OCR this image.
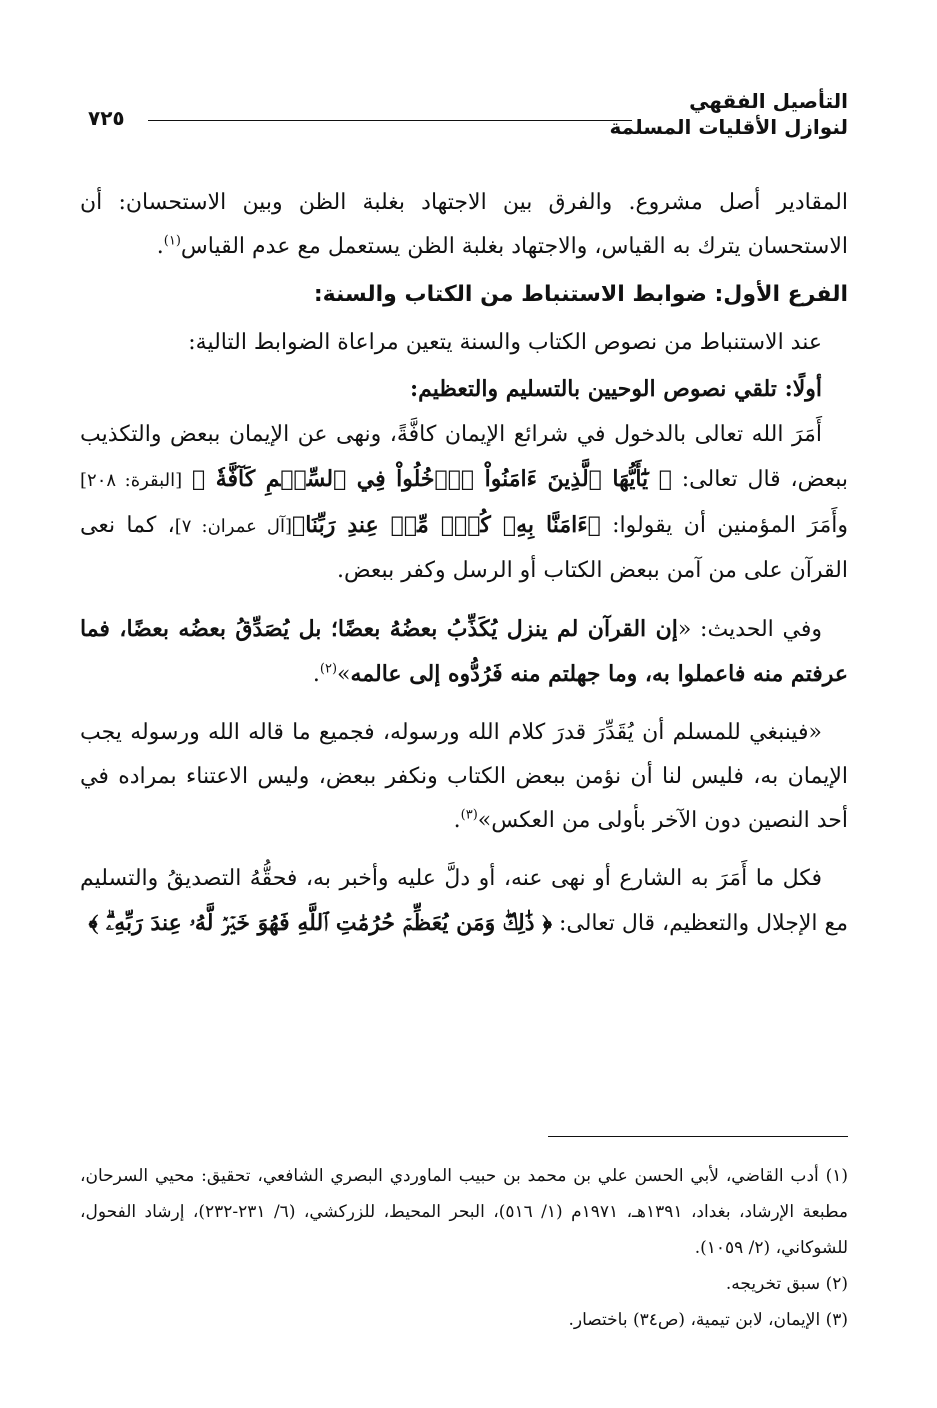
التأصيل الفقهي
لنوازل الأقليات المسلمة
٧٢٥

المقادير أصل مشروع. والفرق بين الاجتهاد بغلبة الظن وبين الاستحسان: أن الاستحسان يترك به القياس، والاجتهاد بغلبة الظن يستعمل مع عدم القياس$^{(١)}$.

الفرع الأول: ضوابط الاستنباط من الكتاب والسنة:

عند الاستنباط من نصوص الكتاب والسنة يتعين مراعاة الضوابط التالية:

أولًا: تلقي نصوص الوحيين بالتسليم والتعظيم:

أَمَرَ الله تعالى بالدخول في شرائع الإيمان كافَّةً، ونهى عن الإيمان ببعض والتكذيب ببعض، قال تعالى: ﴿ يَٰٓأَيُّهَا ٱلَّذِينَ ءَامَنُواْ ٱدۡخُلُواْ فِي ٱلسِّلۡمِ كَآفَّةٗ ﴾ [البقرة: ٢٠٨] وأَمَرَ المؤمنين أن يقولوا: ﴿ءَامَنَّا بِهِۦ كُلّٞ مِّنۡ عِندِ رَبِّنَا﴾[آل عمران: ٧]، كما نعى القرآن على من آمن ببعض الكتاب أو الرسل وكفر ببعض.

وفي الحديث: «إن القرآن لم ينزل يُكَذِّبُ بعضُهُ بعضًا؛ بل يُصَدِّقُ بعضُه بعضًا، فما عرفتم منه فاعملوا به، وما جهلتم منه فَرُدُّوه إلى عالمه»$^{(٢)}$.

«فينبغي للمسلم أن يُقَدِّرَ قدرَ كلام الله ورسوله، فجميع ما قاله الله ورسوله يجب الإيمان به، فليس لنا أن نؤمن ببعض الكتاب ونكفر ببعض، وليس الاعتناء بمراده في أحد النصين دون الآخر بأولى من العكس»$^{(٣)}$.

فكل ما أَمَرَ به الشارع أو نهى عنه، أو دلَّ عليه وأخبر به، فحقُّهُ التصديقُ والتسليم مع الإجلال والتعظيم، قال تعالى: ﴿ ذَٰلِكَۖ وَمَن يُعَظِّمۡ حُرُمَٰتِ ٱللَّهِ فَهُوَ خَيۡرٞ لَّهُۥ عِندَ رَبِّهِۦۗ ﴾

(١) أدب القاضي، لأبي الحسن علي بن محمد بن حبيب الماوردي البصري الشافعي، تحقيق: محيي السرحان، مطبعة الإرشاد، بغداد، ١٣٩١هـ، ١٩٧١م (١/ ٥١٦)، البحر المحيط، للزركشي، (٦/ ٢٣١-٢٣٢)، إرشاد الفحول، للشوكاني، (٢/ ١٠٥٩).

(٢) سبق تخريجه.

(٣) الإيمان، لابن تيمية، (ص٣٤) باختصار.
